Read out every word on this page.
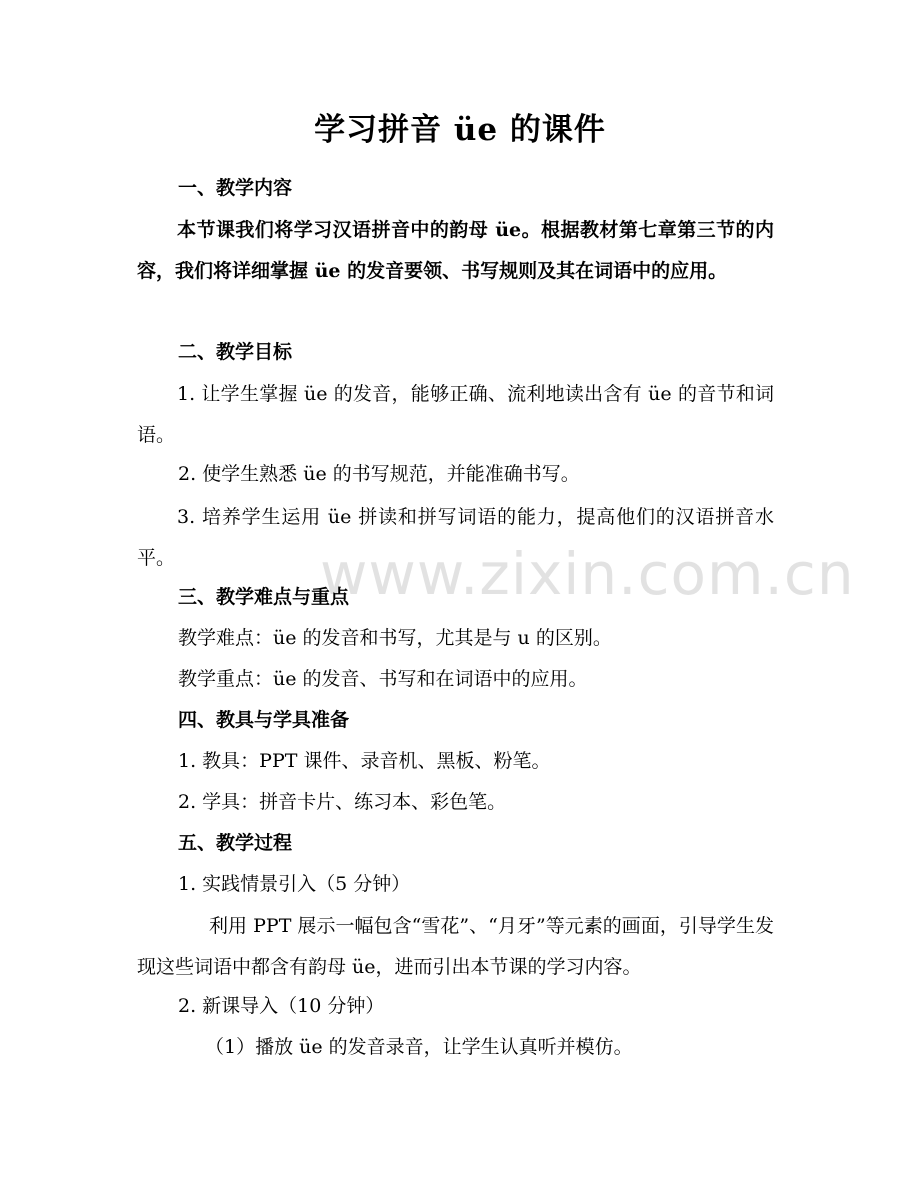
www.zixin.com.cn
学习拼音 üe 的课件
一、教学内容
本节课我们将学习汉语拼音中的韵母 üe。根据教材第七章第三节的内容，我们将详细掌握 üe 的发音要领、书写规则及其在词语中的应用。
二、教学目标
1. 让学生掌握 üe 的发音，能够正确、流利地读出含有 üe 的音节和词语。
2. 使学生熟悉 üe 的书写规范，并能准确书写。
3. 培养学生运用 üe 拼读和拼写词语的能力，提高他们的汉语拼音水平。
三、教学难点与重点
教学难点：üe 的发音和书写，尤其是与 u 的区别。
教学重点：üe 的发音、书写和在词语中的应用。
四、教具与学具准备
1. 教具：PPT 课件、录音机、黑板、粉笔。
2. 学具：拼音卡片、练习本、彩色笔。
五、教学过程
1. 实践情景引入（5 分钟）
利用 PPT 展示一幅包含“雪花”、“月牙”等元素的画面，引导学生发现这些词语中都含有韵母 üe，进而引出本节课的学习内容。
2. 新课导入（10 分钟）
（1）播放 üe 的发音录音，让学生认真听并模仿。
